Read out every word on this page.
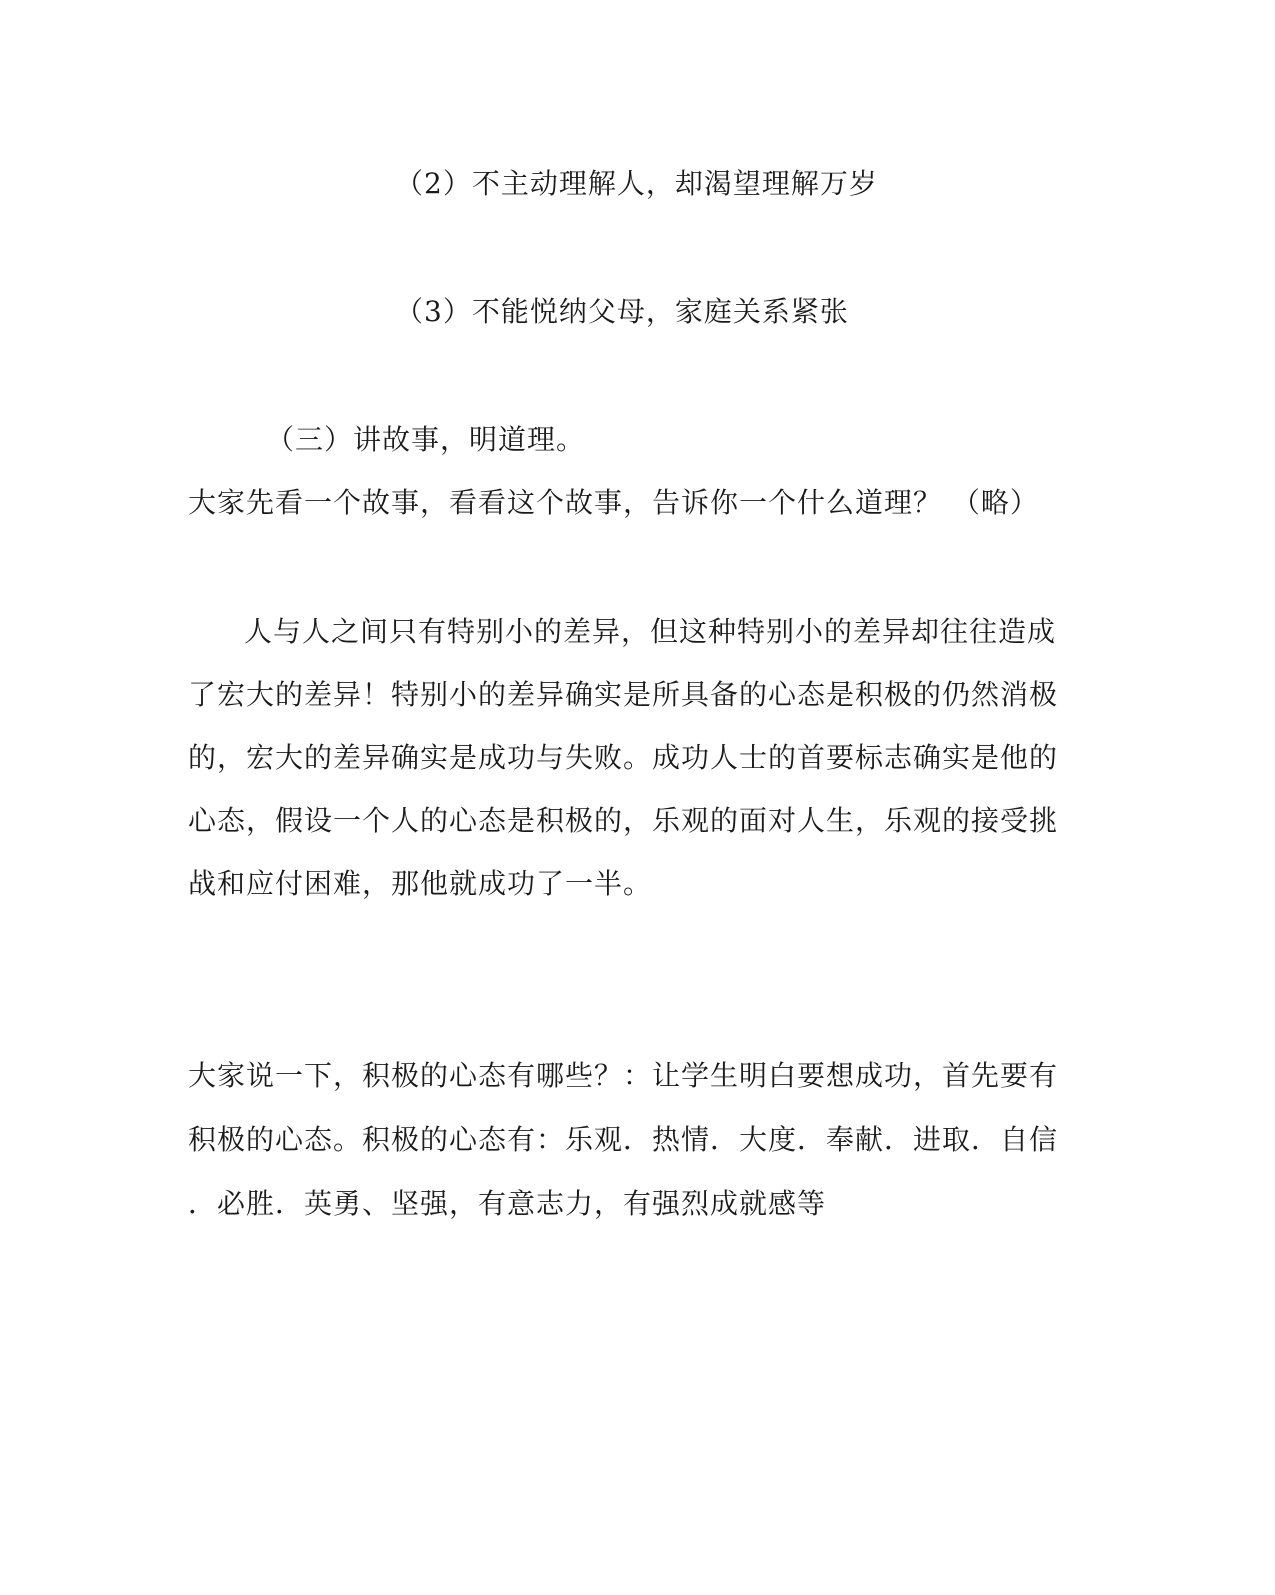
（2）不主动理解人，却渴望理解万岁
（3）不能悦纳父母，家庭关系紧张
（三）讲故事，明道理。
大家先看一个故事，看看这个故事，告诉你一个什么道理？ （略）
人与人之间只有特别小的差异，但这种特别小的差异却往往造成
了宏大的差异！特别小的差异确实是所具备的心态是积极的仍然消极
的，宏大的差异确实是成功与失败。成功人士的首要标志确实是他的
心态，假设一个人的心态是积极的，乐观的面对人生，乐观的接受挑
战和应付困难，那他就成功了一半。
大家说一下，积极的心态有哪些？：让学生明白要想成功，首先要有
积极的心态。积极的心态有：乐观．热情．大度．奉献．进取．自信
．必胜．英勇、坚强，有意志力，有强烈成就感等
